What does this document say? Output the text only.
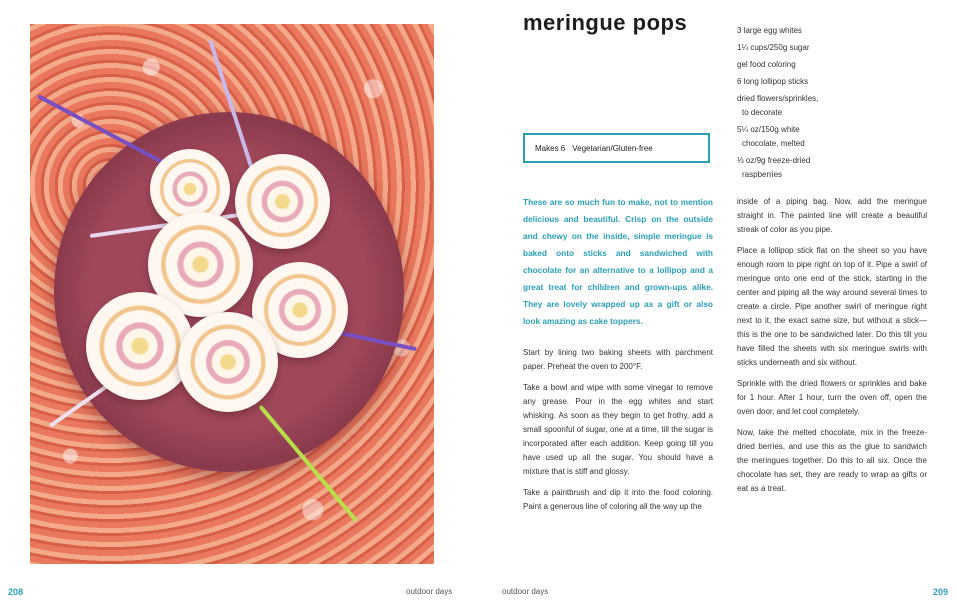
meringue pops	3 large egg whites
1¼ cups/250g sugar
gel food coloring
6 long lollipop sticks
dried flowers/sprinkles,
to decorate
5¼ oz/150g white
chocolate, melted
⅓ oz/9g freeze-dried
raspberries
Makes 6 Vegetarian/Gluten-free
These are so much fun to make, not to mention delicious and beautiful. Crisp on the outside and chewy on the inside, simple meringue is baked onto sticks and sandwiched with chocolate for an alternative to a lollipop and a great treat for children and grown-ups alike. They are lovely wrapped up as a gift or also look amazing as cake toppers.

Start by lining two baking sheets with parchment paper. Preheat the oven to 200°F.

Take a bowl and wipe with some vinegar to remove any grease. Pour in the egg whites and start whisking. As soon as they begin to get frothy, add a small spoonful of sugar, one at a time, till the sugar is incorporated after each addition. Keep going till you have used up all the sugar. You should have a mixture that is stiff and glossy.

Take a paintbrush and dip it into the food coloring. Paint a generous line of coloring all the way up the

inside of a piping bag. Now, add the meringue straight in. The painted line will create a beautiful streak of color as you pipe.

Place a lollipop stick flat on the sheet so you have enough room to pipe right on top of it. Pipe a swirl of meringue onto one end of the stick, starting in the center and piping all the way around several times to create a circle. Pipe another swirl of meringue right next to it, the exact same size, but without a stick—this is the one to be sandwiched later. Do this till you have filled the sheets with six meringue swirls with sticks underneath and six without.

Sprinkle with the dried flowers or sprinkles and bake for 1 hour. After 1 hour, turn the oven off, open the oven door, and let cool completely.

Now, take the melted chocolate, mix in the freeze-dried berries, and use this as the glue to sandwich the meringues together. Do this to all six. Once the chocolate has set, they are ready to wrap as gifts or eat as a treat.

208	outdoor days	outdoor days	209
